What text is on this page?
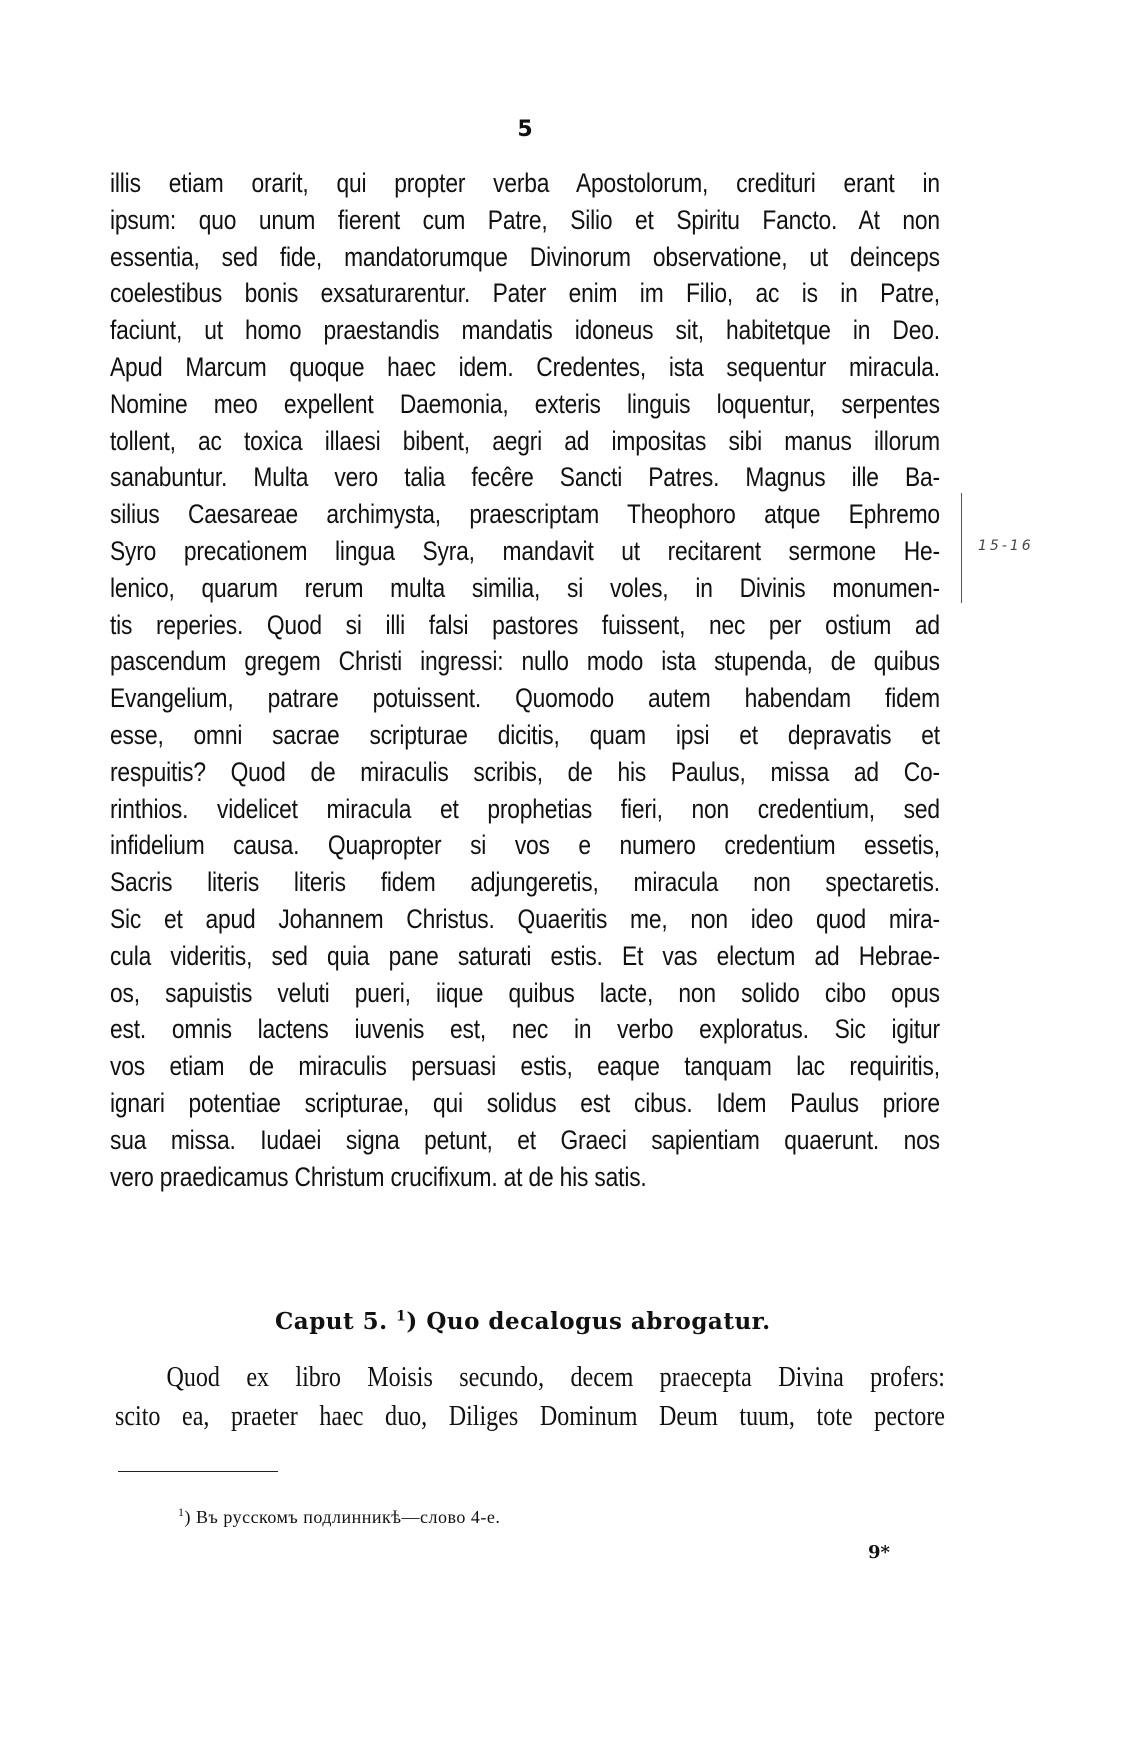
5
illis etiam orarit, qui propter verba Apostolorum, credituri erant in
ipsum: quo unum fierent cum Patre, Silio et Spiritu Fancto. At non
essentia, sed fide, mandatorumque Divinorum observatione, ut deinceps
coelestibus bonis exsaturarentur. Pater enim im Filio, ac is in Patre,
faciunt, ut homo praestandis mandatis idoneus sit, habitetque in Deo.
Apud Marcum quoque haec idem. Credentes, ista sequentur miracula.
Nomine meo expellent Daemonia, exteris linguis loquentur, serpentes
tollent, ac toxica illaesi bibent, aegri ad impositas sibi manus illorum
sanabuntur. Multa vero talia fecêre Sancti Patres. Magnus ille Ba-
silius Caesareae archimysta, praescriptam Theophoro atque Ephremo
Syro precationem lingua Syra, mandavit ut recitarent sermone He-
lenico, quarum rerum multa similia, si voles, in Divinis monumen-
tis reperies. Quod si illi falsi pastores fuissent, nec per ostium ad
pascendum gregem Christi ingressi: nullo modo ista stupenda, de quibus
Evangelium, patrare potuissent. Quomodo autem habendam fidem
esse, omni sacrae scripturae dicitis, quam ipsi et depravatis et
respuitis? Quod de miraculis scribis, de his Paulus, missa ad Co-
rinthios. videlicet miracula et prophetias fieri, non credentium, sed
infidelium causa. Quapropter si vos e numero credentium essetis,
Sacris literis literis fidem adjungeretis, miracula non spectaretis.
Sic et apud Johannem Christus. Quaeritis me, non ideo quod mira-
cula videritis, sed quia pane saturati estis. Et vas electum ad Hebrae-
os, sapuistis veluti pueri, iique quibus lacte, non solido cibo opus
est. omnis lactens iuvenis est, nec in verbo exploratus. Sic igitur
vos etiam de miraculis persuasi estis, eaque tanquam lac requiritis,
ignari potentiae scripturae, qui solidus est cibus. Idem Paulus priore
sua missa. Iudaei signa petunt, et Graeci sapientiam quaerunt. nos
vero praedicamus Christum crucifixum. at de his satis.
15-16
Caput 5. $^1$) Quo decalogus abrogatur.
Quod ex libro Moisis secundo, decem praecepta Divina profers:
scito ea, praeter haec duo, Diliges Dominum Deum tuum, tote pectore
$^1$) Въ русскомъ подлинникѣ—слово 4-е.
9*
